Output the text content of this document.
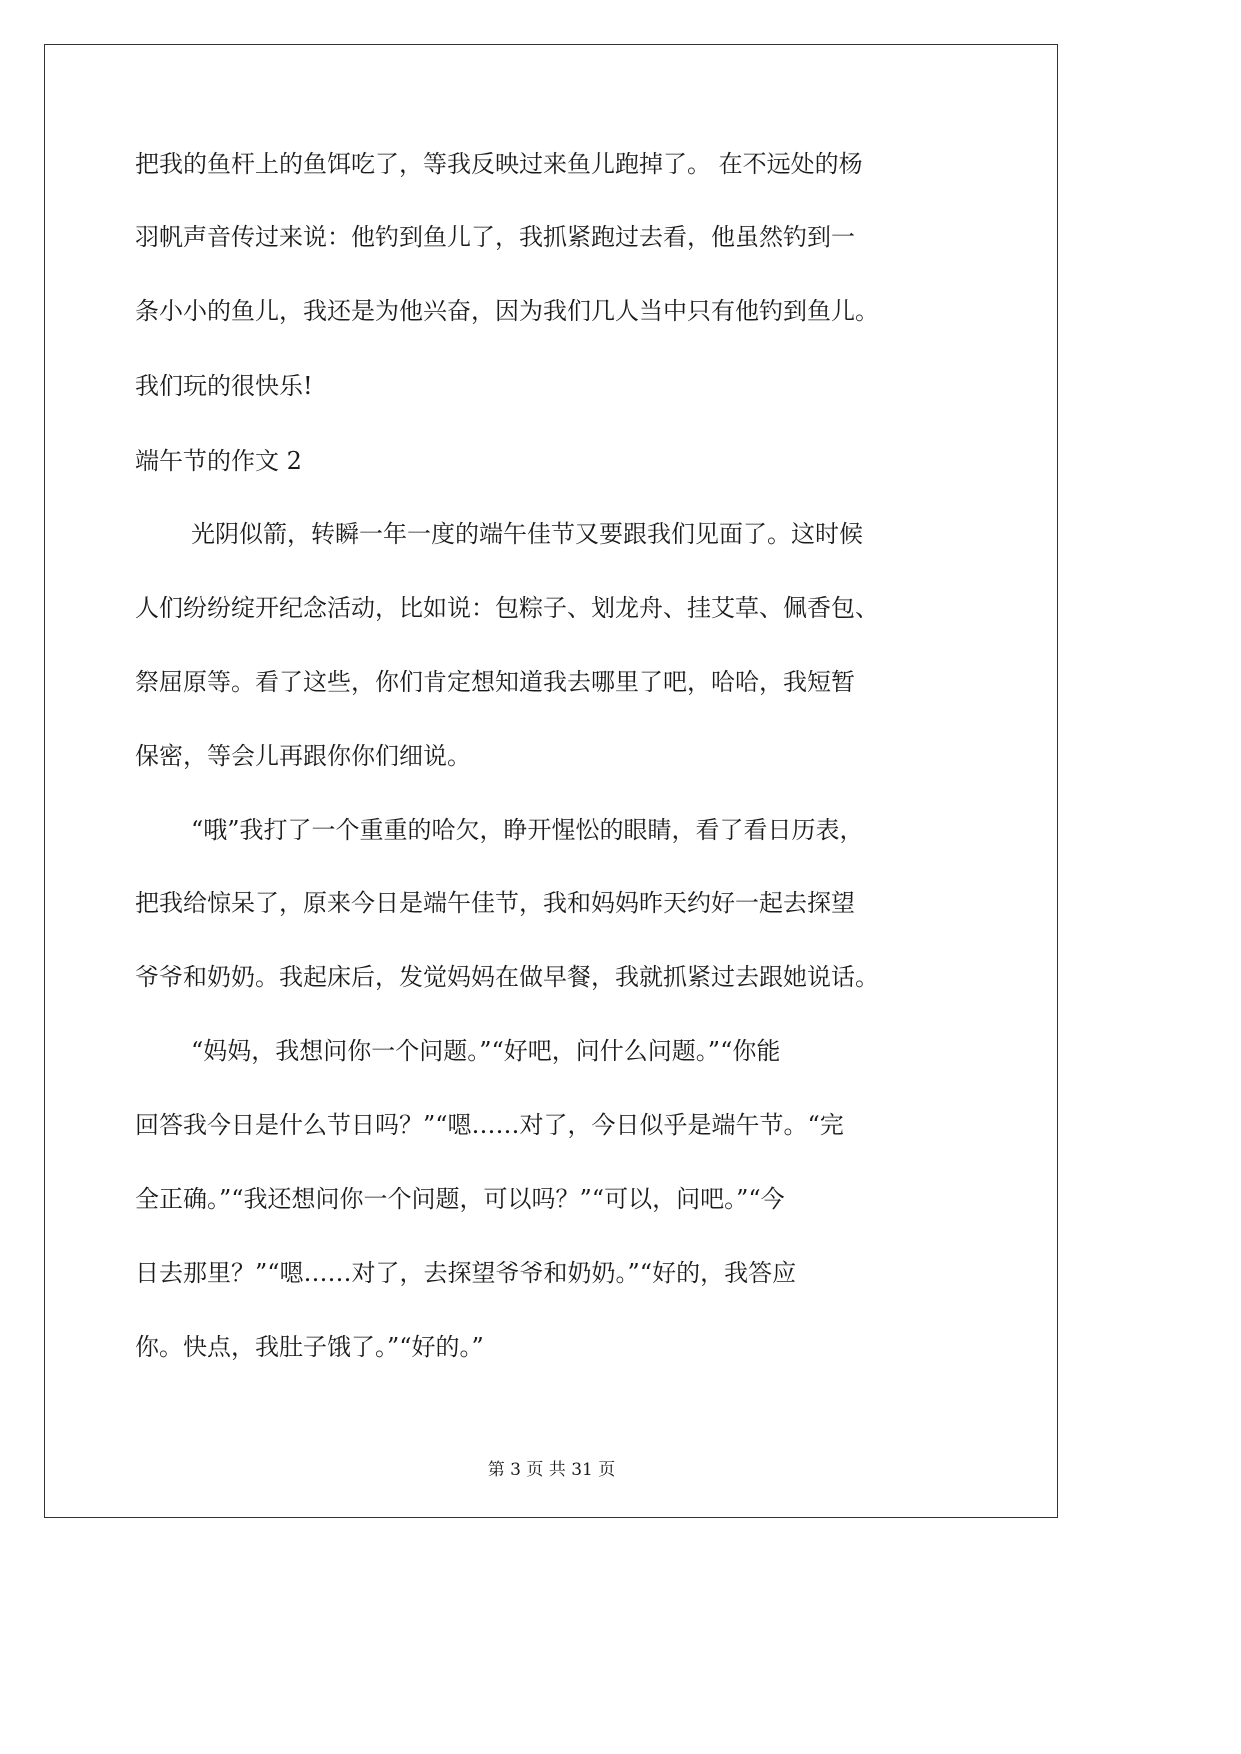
把我的鱼杆上的鱼饵吃了，等我反映过来鱼儿跑掉了。 在不远处的杨
羽帆声音传过来说：他钓到鱼儿了，我抓紧跑过去看，他虽然钓到一
条小小的鱼儿，我还是为他兴奋，因为我们几人当中只有他钓到鱼儿。
我们玩的很快乐!
端午节的作文 2
光阴似箭，转瞬一年一度的端午佳节又要跟我们见面了。这时候
人们纷纷绽开纪念活动，比如说：包粽子、划龙舟、挂艾草、佩香包、
祭屈原等。看了这些，你们肯定想知道我去哪里了吧，哈哈，我短暂
保密，等会儿再跟你你们细说。
“哦”我打了一个重重的哈欠，睁开惺忪的眼睛，看了看日历表，
把我给惊呆了，原来今日是端午佳节，我和妈妈昨天约好一起去探望
爷爷和奶奶。我起床后，发觉妈妈在做早餐，我就抓紧过去跟她说话。
“妈妈，我想问你一个问题。”“好吧，问什么问题。”“你能
回答我今日是什么节日吗？”“嗯……对了，今日似乎是端午节。“完
全正确。”“我还想问你一个问题，可以吗？”“可以，问吧。”“今
日去那里？”“嗯……对了，去探望爷爷和奶奶。”“好的，我答应
你。快点，我肚子饿了。”“好的。”
第 3 页 共 31 页
